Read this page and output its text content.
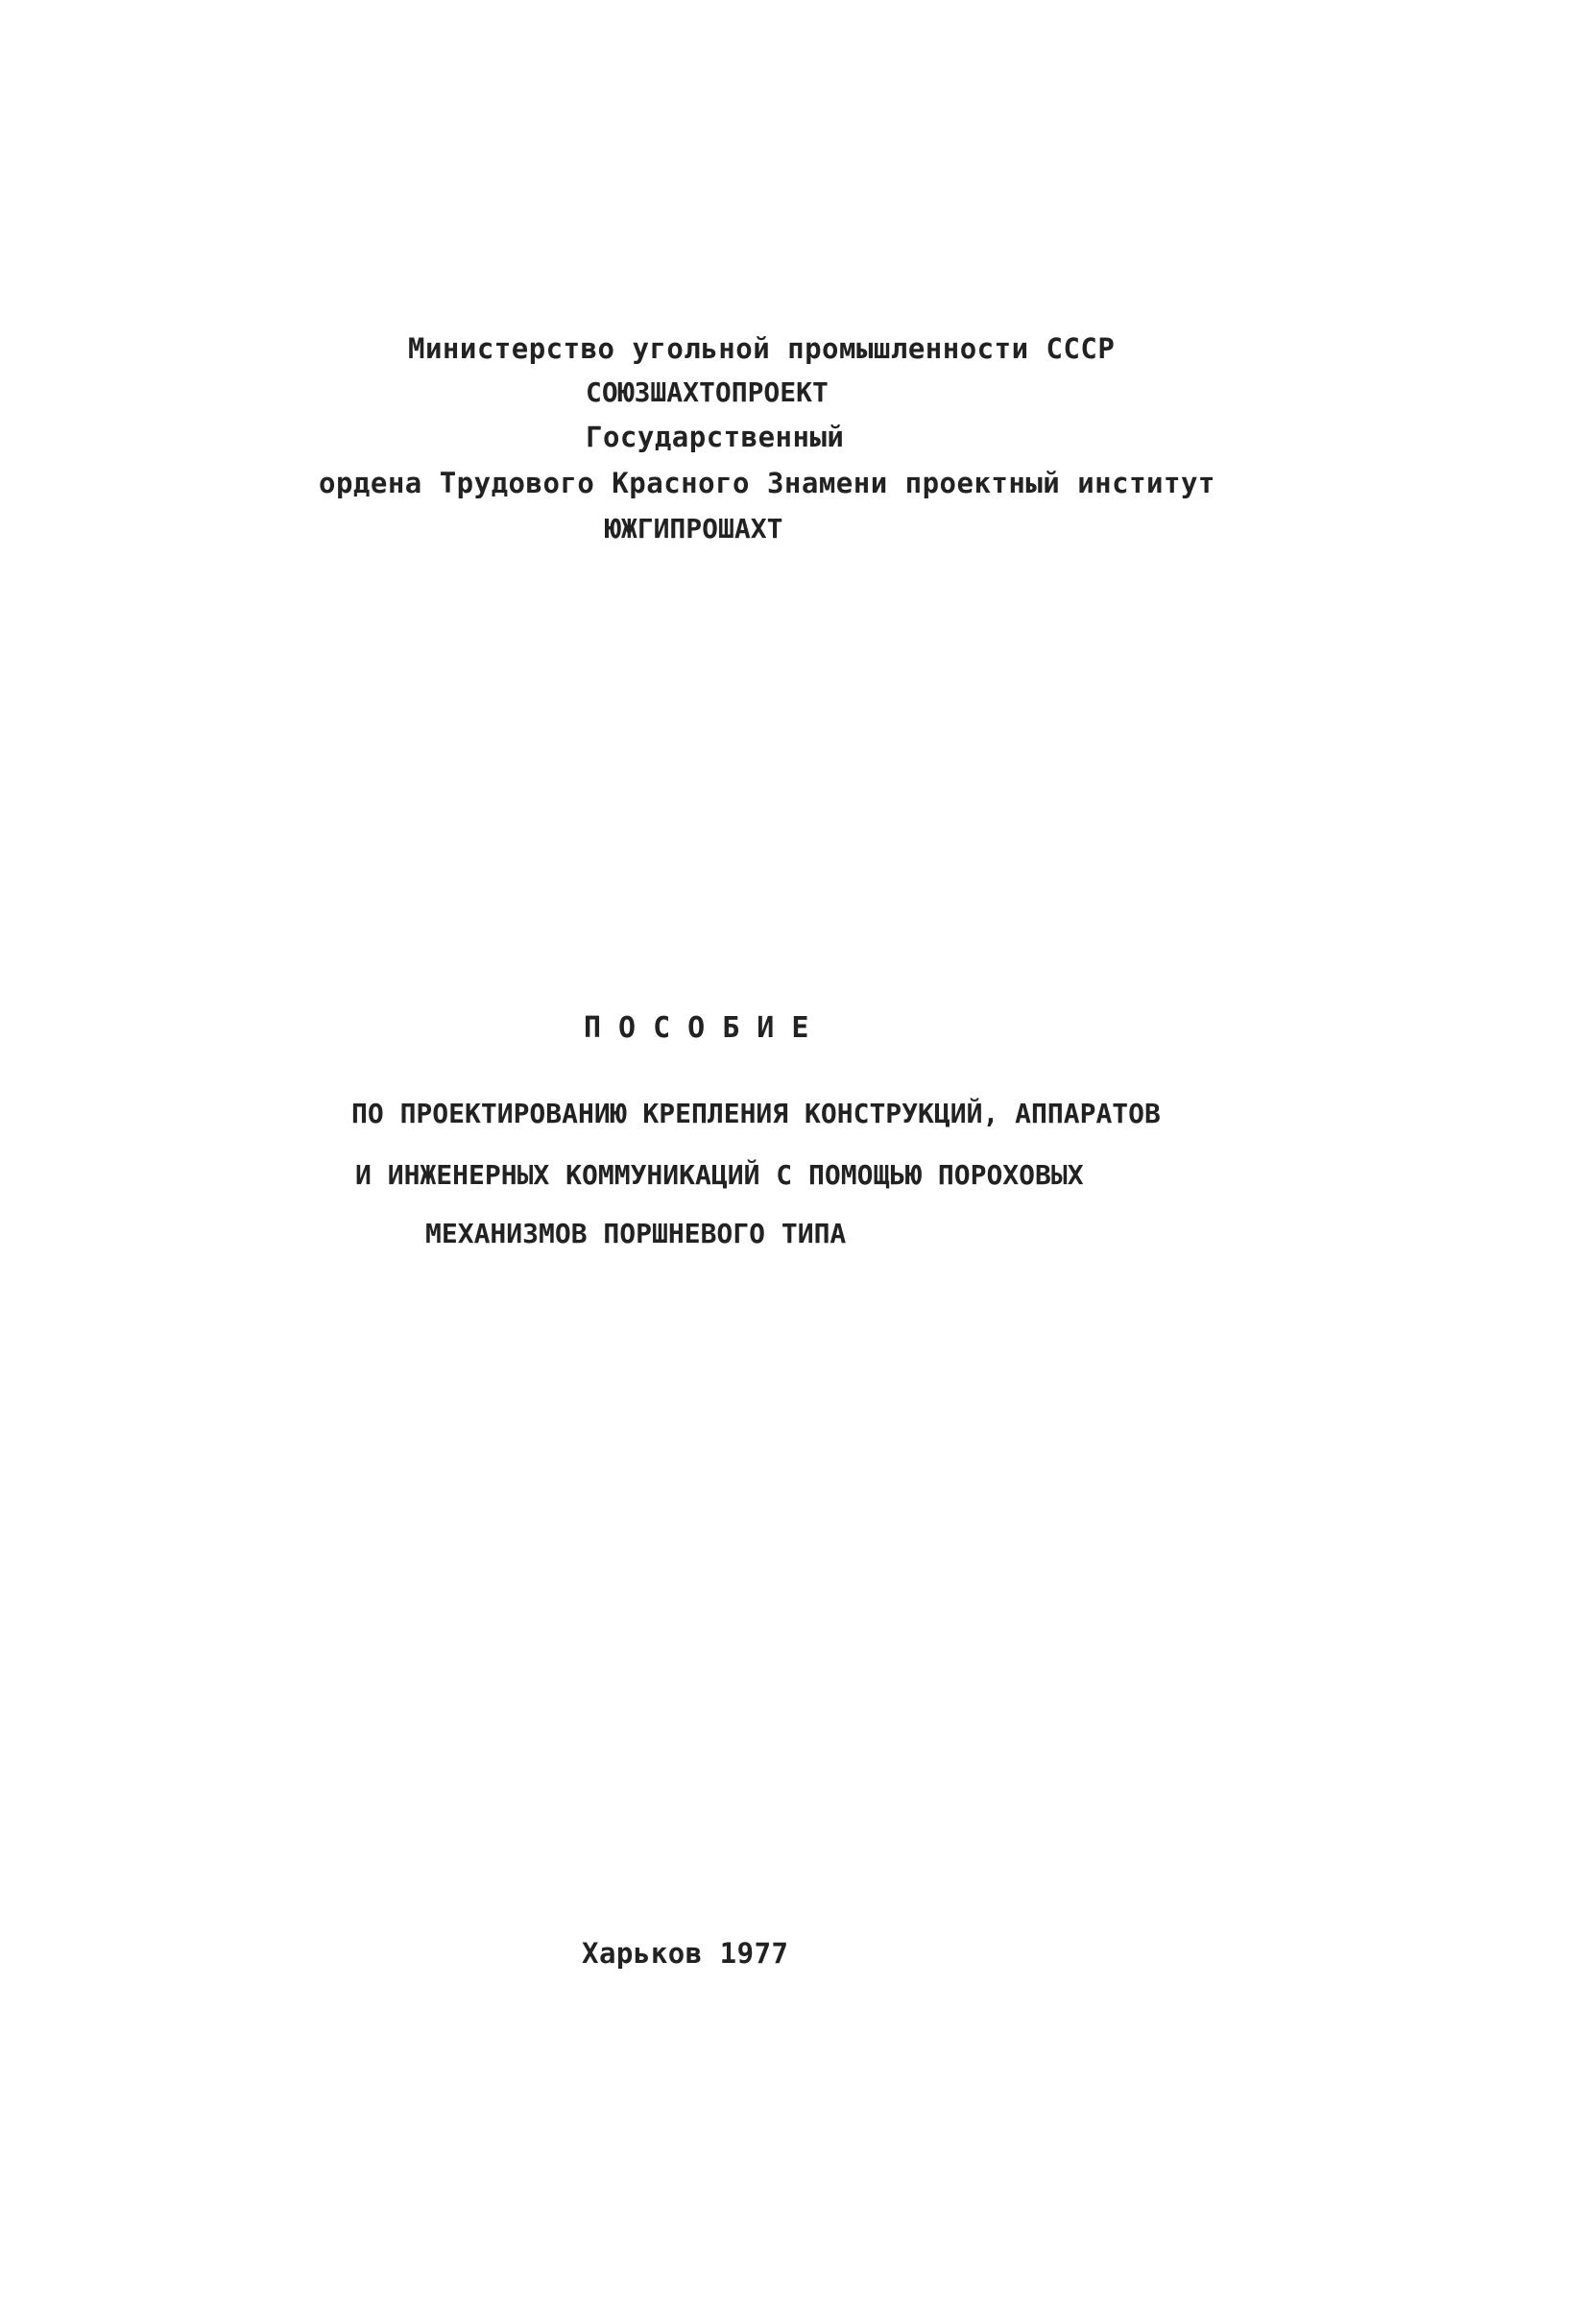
Министерство угольной промышленности СССР
СОЮЗШАХТОПРОЕКТ
Государственный
ордена Трудового Красного Знамени проектный институт
ЮЖГИПРОШАХТ
ПОСОБИЕ
ПО ПРОЕКТИРОВАНИЮ КРЕПЛЕНИЯ КОНСТРУКЦИЙ, АППАРАТОВ
И ИНЖЕНЕРНЫХ КОММУНИКАЦИЙ С ПОМОЩЬЮ ПОРОХОВЫХ
МЕХАНИЗМОВ ПОРШНЕВОГО ТИПА
Харьков 1977
